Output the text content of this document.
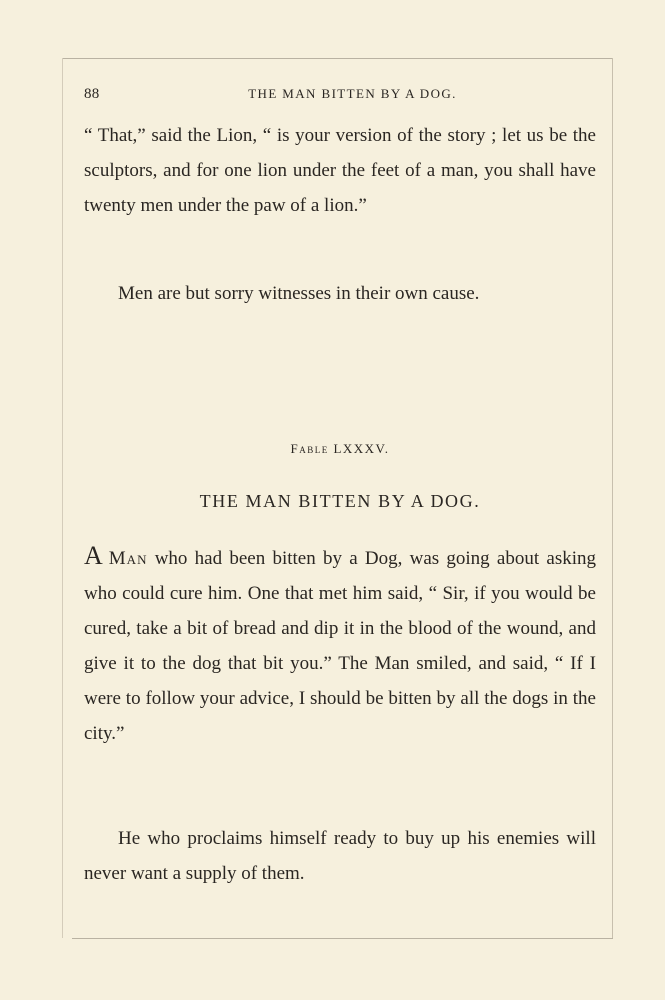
88	THE MAN BITTEN BY A DOG.

“ That,” said the Lion, “ is your version of the story ; let us be the sculptors, and for one lion under the feet of a man, you shall have twenty men under the paw of a lion.”

Men are but sorry witnesses in their own cause.

Fable LXXXV.
THE MAN BITTEN BY A DOG.

AMan who had been bitten by a Dog, was going about asking who could cure him. One that met him said, “ Sir, if you would be cured, take a bit of bread and dip it in the blood of the wound, and give it to the dog that bit you.” The Man smiled, and said, “ If I were to follow your advice, I should be bitten by all the dogs in the city.”

He who proclaims himself ready to buy up his enemies will never want a supply of them.
